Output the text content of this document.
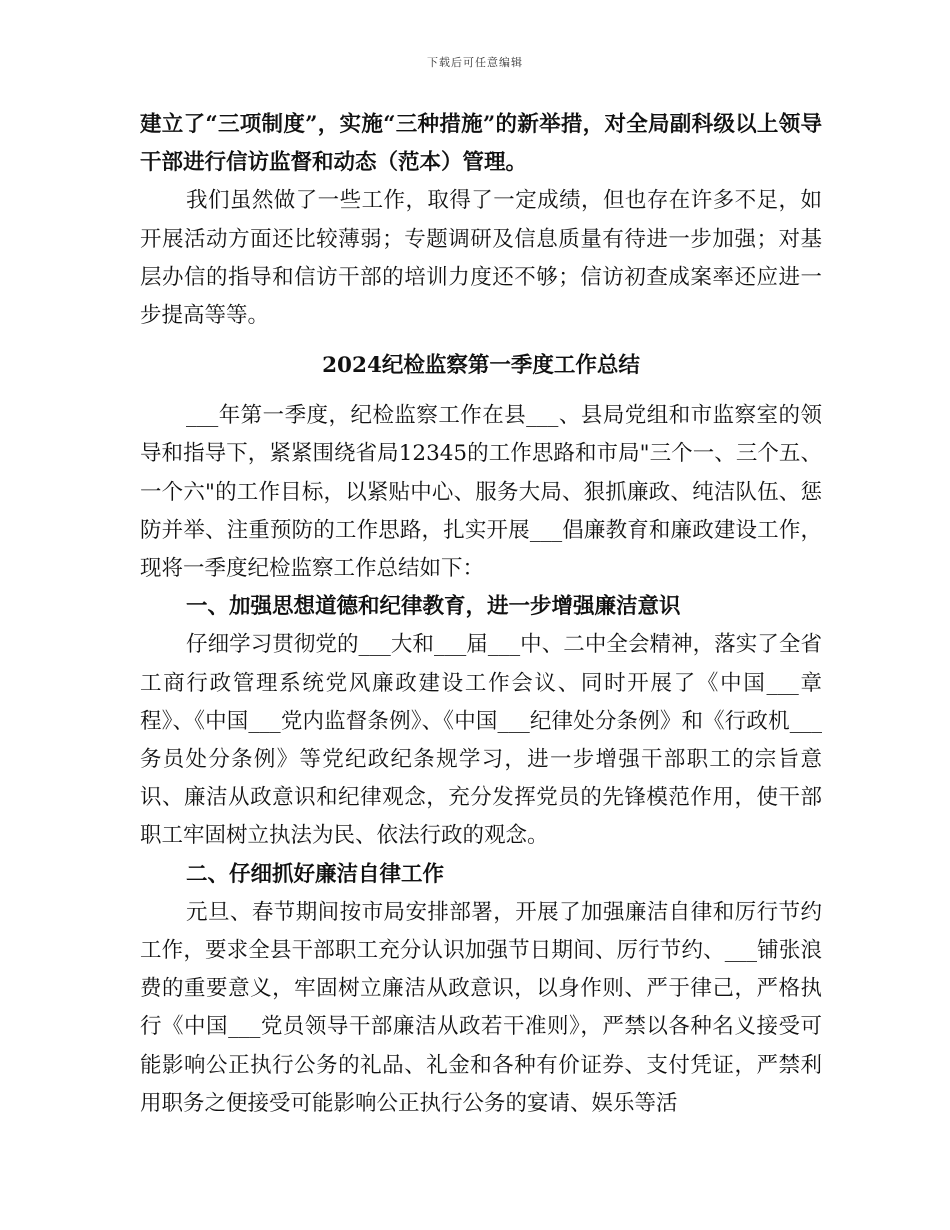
下载后可任意编辑

建立了“三项制度”，实施“三种措施”的新举措，对全局副科级以上领导干部进行信访监督和动态（范本）管理。

我们虽然做了一些工作，取得了一定成绩，但也存在许多不足，如开展活动方面还比较薄弱；专题调研及信息质量有待进一步加强；对基层办信的指导和信访干部的培训力度还不够；信访初查成案率还应进一步提高等等。

2024纪检监察第一季度工作总结

___年第一季度，纪检监察工作在县___、县局党组和市监察室的领导和指导下，紧紧围绕省局12345的工作思路和市局"三个一、三个五、一个六"的工作目标，以紧贴中心、服务大局、狠抓廉政、纯洁队伍、惩防并举、注重预防的工作思路，扎实开展___倡廉教育和廉政建设工作，现将一季度纪检监察工作总结如下：

一、加强思想道德和纪律教育，进一步增强廉洁意识

仔细学习贯彻党的___大和___届___中、二中全会精神，落实了全省工商行政管理系统党风廉政建设工作会议、同时开展了《中国___章程》、《中国___党内监督条例》、《中国___纪律处分条例》和《行政机___务员处分条例》等党纪政纪条规学习，进一步增强干部职工的宗旨意识、廉洁从政意识和纪律观念，充分发挥党员的先锋模范作用，使干部职工牢固树立执法为民、依法行政的观念。

二、仔细抓好廉洁自律工作

元旦、春节期间按市局安排部署，开展了加强廉洁自律和厉行节约工作，要求全县干部职工充分认识加强节日期间、厉行节约、___铺张浪费的重要意义，牢固树立廉洁从政意识，以身作则、严于律己，严格执行《中国___党员领导干部廉洁从政若干准则》，严禁以各种名义接受可能影响公正执行公务的礼品、礼金和各种有价证券、支付凭证，严禁利用职务之便接受可能影响公正执行公务的宴请、娱乐等活
